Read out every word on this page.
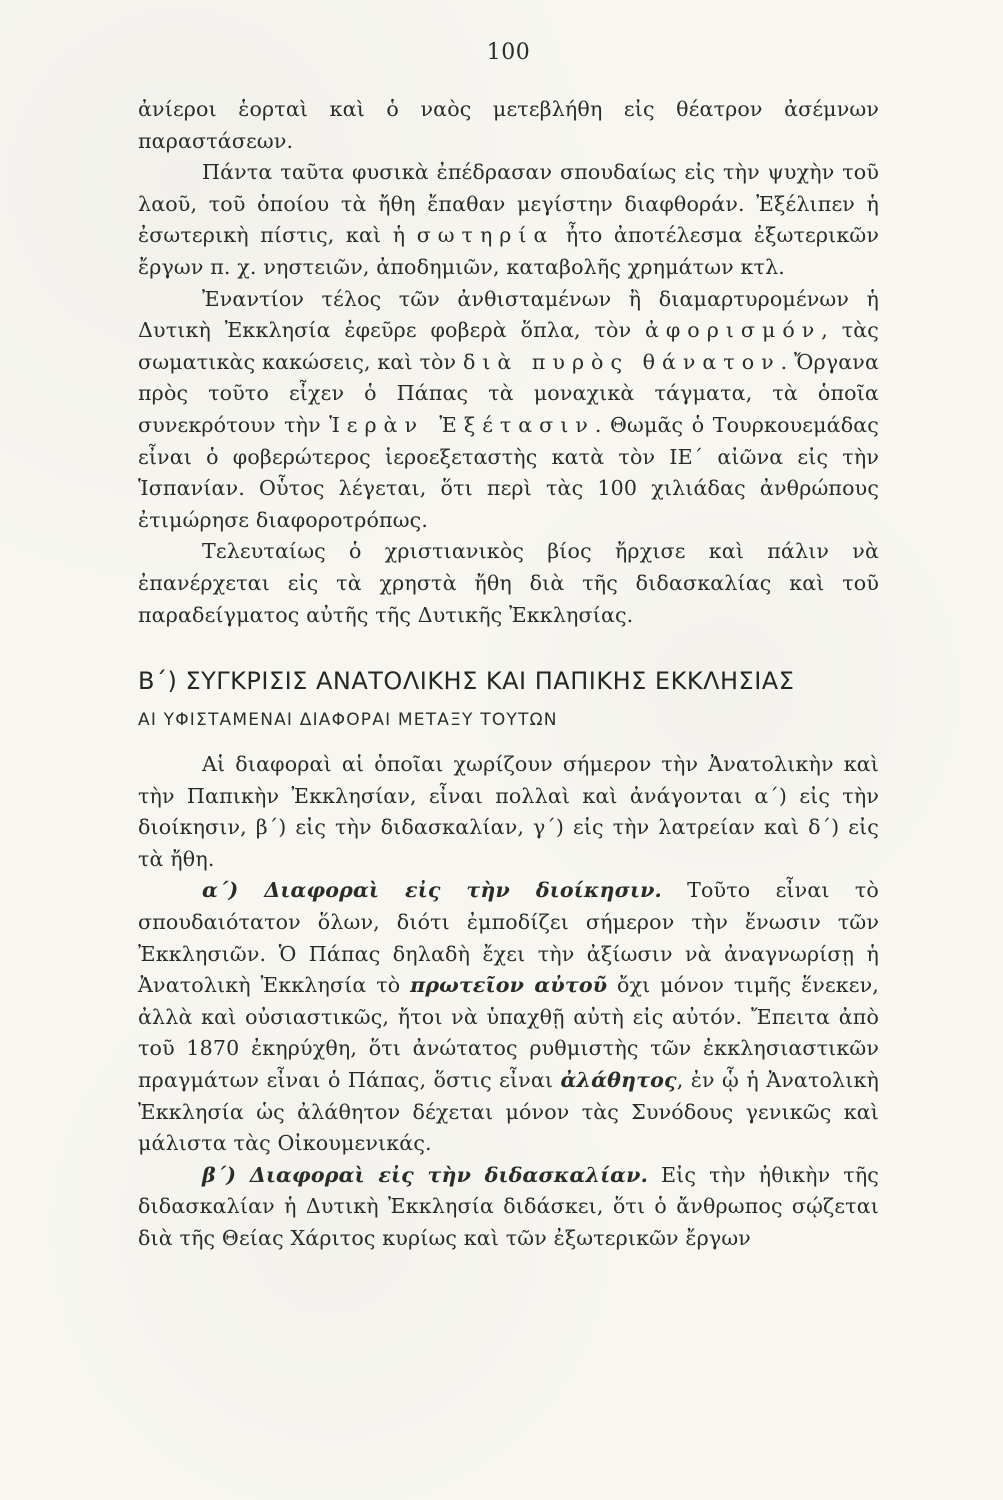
100

ἀνίεροι ἑορταὶ καὶ ὁ ναὸς μετεβλήθη εἰς θέατρον ἀσέμνων παραστάσεων.

Πάντα ταῦτα φυσικὰ ἐπέδρασαν σπουδαίως εἰς τὴν ψυχὴν τοῦ λαοῦ, τοῦ ὁποίου τὰ ἤθη ἔπαθαν μεγίστην διαφθοράν. Ἐξέλιπεν ἡ ἐσωτερικὴ πίστις, καὶ ἡ σωτηρία ἦτο ἀποτέλεσμα ἐξωτερικῶν ἔργων π. χ. νηστειῶν, ἀποδημιῶν, καταβολῆς χρημάτων κτλ.

Ἐναντίον τέλος τῶν ἀνθισταμένων ἢ διαμαρτυρομένων ἡ Δυτικὴ Ἐκκλησία ἐφεῦρε φοβερὰ ὅπλα, τὸν ἀφορισμόν, τὰς σωματικὰς κακώσεις, καὶ τὸν διὰ πυρὸς θάνατον. Ὄργανα πρὸς τοῦτο εἶχεν ὁ Πάπας τὰ μοναχικὰ τάγματα, τὰ ὁποῖα συνεκρότουν τὴν Ἱερὰν Ἐξέτασιν. Θωμᾶς ὁ Τουρκουεμάδας εἶναι ὁ φοβερώτερος ἱεροεξεταστὴς κατὰ τὸν ΙΕ΄ αἰῶνα εἰς τὴν Ἱσπανίαν. Οὗτος λέγεται, ὅτι περὶ τὰς 100 χιλιάδας ἀνθρώπους ἐτιμώρησε διαφοροτρόπως.

Τελευταίως ὁ χριστιανικὸς βίος ἤρχισε καὶ πάλιν νὰ ἐπανέρχεται εἰς τὰ χρηστὰ ἤθη διὰ τῆς διδασκαλίας καὶ τοῦ παραδείγματος αὐτῆς τῆς Δυτικῆς Ἐκκλησίας.

Β΄) ΣΥΓΚΡΙΣΙΣ ΑΝΑΤΟΛΙΚΗΣ ΚΑΙ ΠΑΠΙΚΗΣ ΕΚΚΛΗΣΙΑΣ
ΑΙ ΥΦΙΣΤΑΜΕΝΑΙ ΔΙΑΦΟΡΑΙ ΜΕΤΑΞΥ ΤΟΥΤΩΝ

Αἱ διαφοραὶ αἱ ὁποῖαι χωρίζουν σήμερον τὴν Ἀνατολικὴν καὶ τὴν Παπικὴν Ἐκκλησίαν, εἶναι πολλαὶ καὶ ἀνάγονται α΄) εἰς τὴν διοίκησιν, β΄) εἰς τὴν διδασκαλίαν, γ΄) εἰς τὴν λατρείαν καὶ δ΄) εἰς τὰ ἤθη.

α΄) Διαφοραὶ εἰς τὴν διοίκησιν. Τοῦτο εἶναι τὸ σπουδαιότατον ὅλων, διότι ἐμποδίζει σήμερον τὴν ἕνωσιν τῶν Ἐκκλησιῶν. Ὁ Πάπας δηλαδὴ ἔχει τὴν ἀξίωσιν νὰ ἀναγνωρίσῃ ἡ Ἀνατολικὴ Ἐκκλησία τὸ πρωτεῖον αὐτοῦ ὄχι μόνον τιμῆς ἕνεκεν, ἀλλὰ καὶ οὐσιαστικῶς, ἤτοι νὰ ὑπαχθῇ αὐτὴ εἰς αὐτόν. Ἔπειτα ἀπὸ τοῦ 1870 ἐκηρύχθη, ὅτι ἀνώτατος ρυθμιστὴς τῶν ἐκκλησιαστικῶν πραγμάτων εἶναι ὁ Πάπας, ὅστις εἶναι ἀλάθητος, ἐν ᾧ ἡ Ἀνατολικὴ Ἐκκλησία ὡς ἀλάθητον δέχεται μόνον τὰς Συνόδους γενικῶς καὶ μάλιστα τὰς Οἰκουμενικάς.

β΄) Διαφοραὶ εἰς τὴν διδασκαλίαν. Εἰς τὴν ἠθικὴν τῆς διδασκαλίαν ἡ Δυτικὴ Ἐκκλησία διδάσκει, ὅτι ὁ ἄνθρωπος σῴζεται διὰ τῆς Θείας Χάριτος κυρίως καὶ τῶν ἐξωτερικῶν ἔργων
